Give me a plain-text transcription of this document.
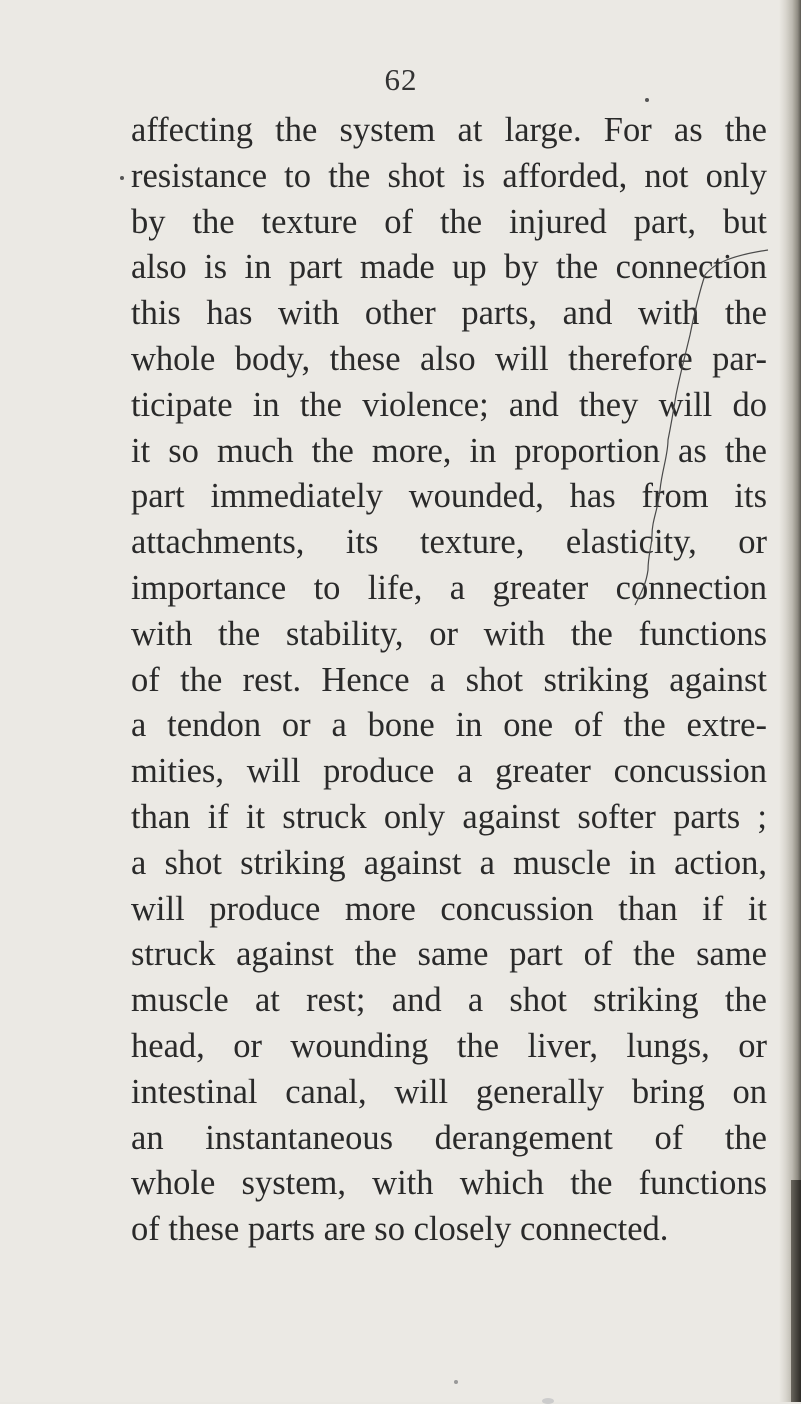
62
affecting the system at large. For as the
resistance to the shot is afforded, not only
by the texture of the injured part, but
also is in part made up by the connection
this has with other parts, and with the
whole body, these also will therefore par-
ticipate in the violence; and they will do
it so much the more, in proportion as the
part immediately wounded, has from its
attachments, its texture, elasticity, or
importance to life, a greater connection
with the stability, or with the functions
of the rest. Hence a shot striking against
a tendon or a bone in one of the extre-
mities, will produce a greater concussion
than if it struck only against softer parts ;
a shot striking against a muscle in action,
will produce more concussion than if it
struck against the same part of the same
muscle at rest; and a shot striking the
head, or wounding the liver, lungs, or
intestinal canal, will generally bring on
an instantaneous derangement of the
whole system, with which the functions
of these parts are so closely connected.
